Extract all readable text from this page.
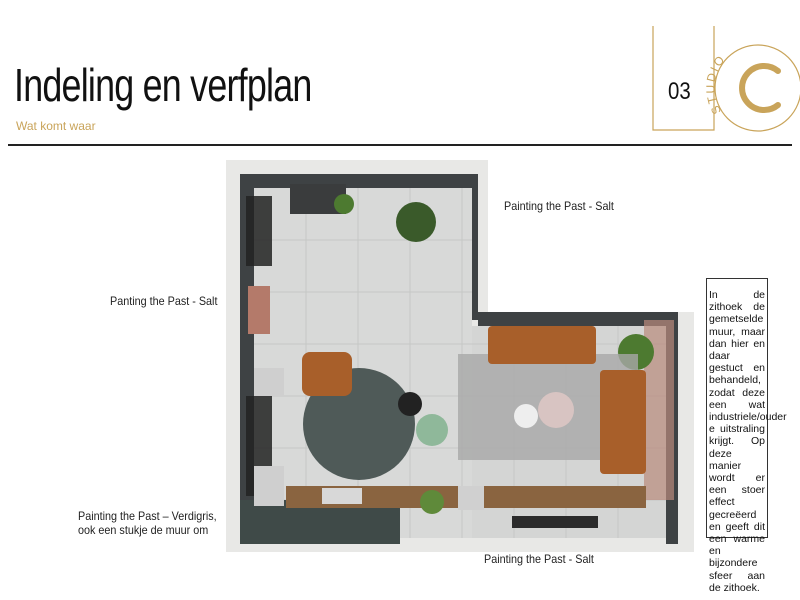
Indeling en verfplan
Wat komt waar
03
STUDIO
Painting the Past - Salt
Panting the Past - Salt
Painting the Past – Verdigris,
ook een stukje de muur om
Painting the Past - Salt
In de zithoek de gemetselde muur, maar dan hier en daar gestuct en behandeld, zodat deze een wat industriele/ouder e uitstraling krijgt. Op deze manier wordt er een stoer effect gecreëerd en geeft dit een warme en bijzondere sfeer aan de zithoek.
